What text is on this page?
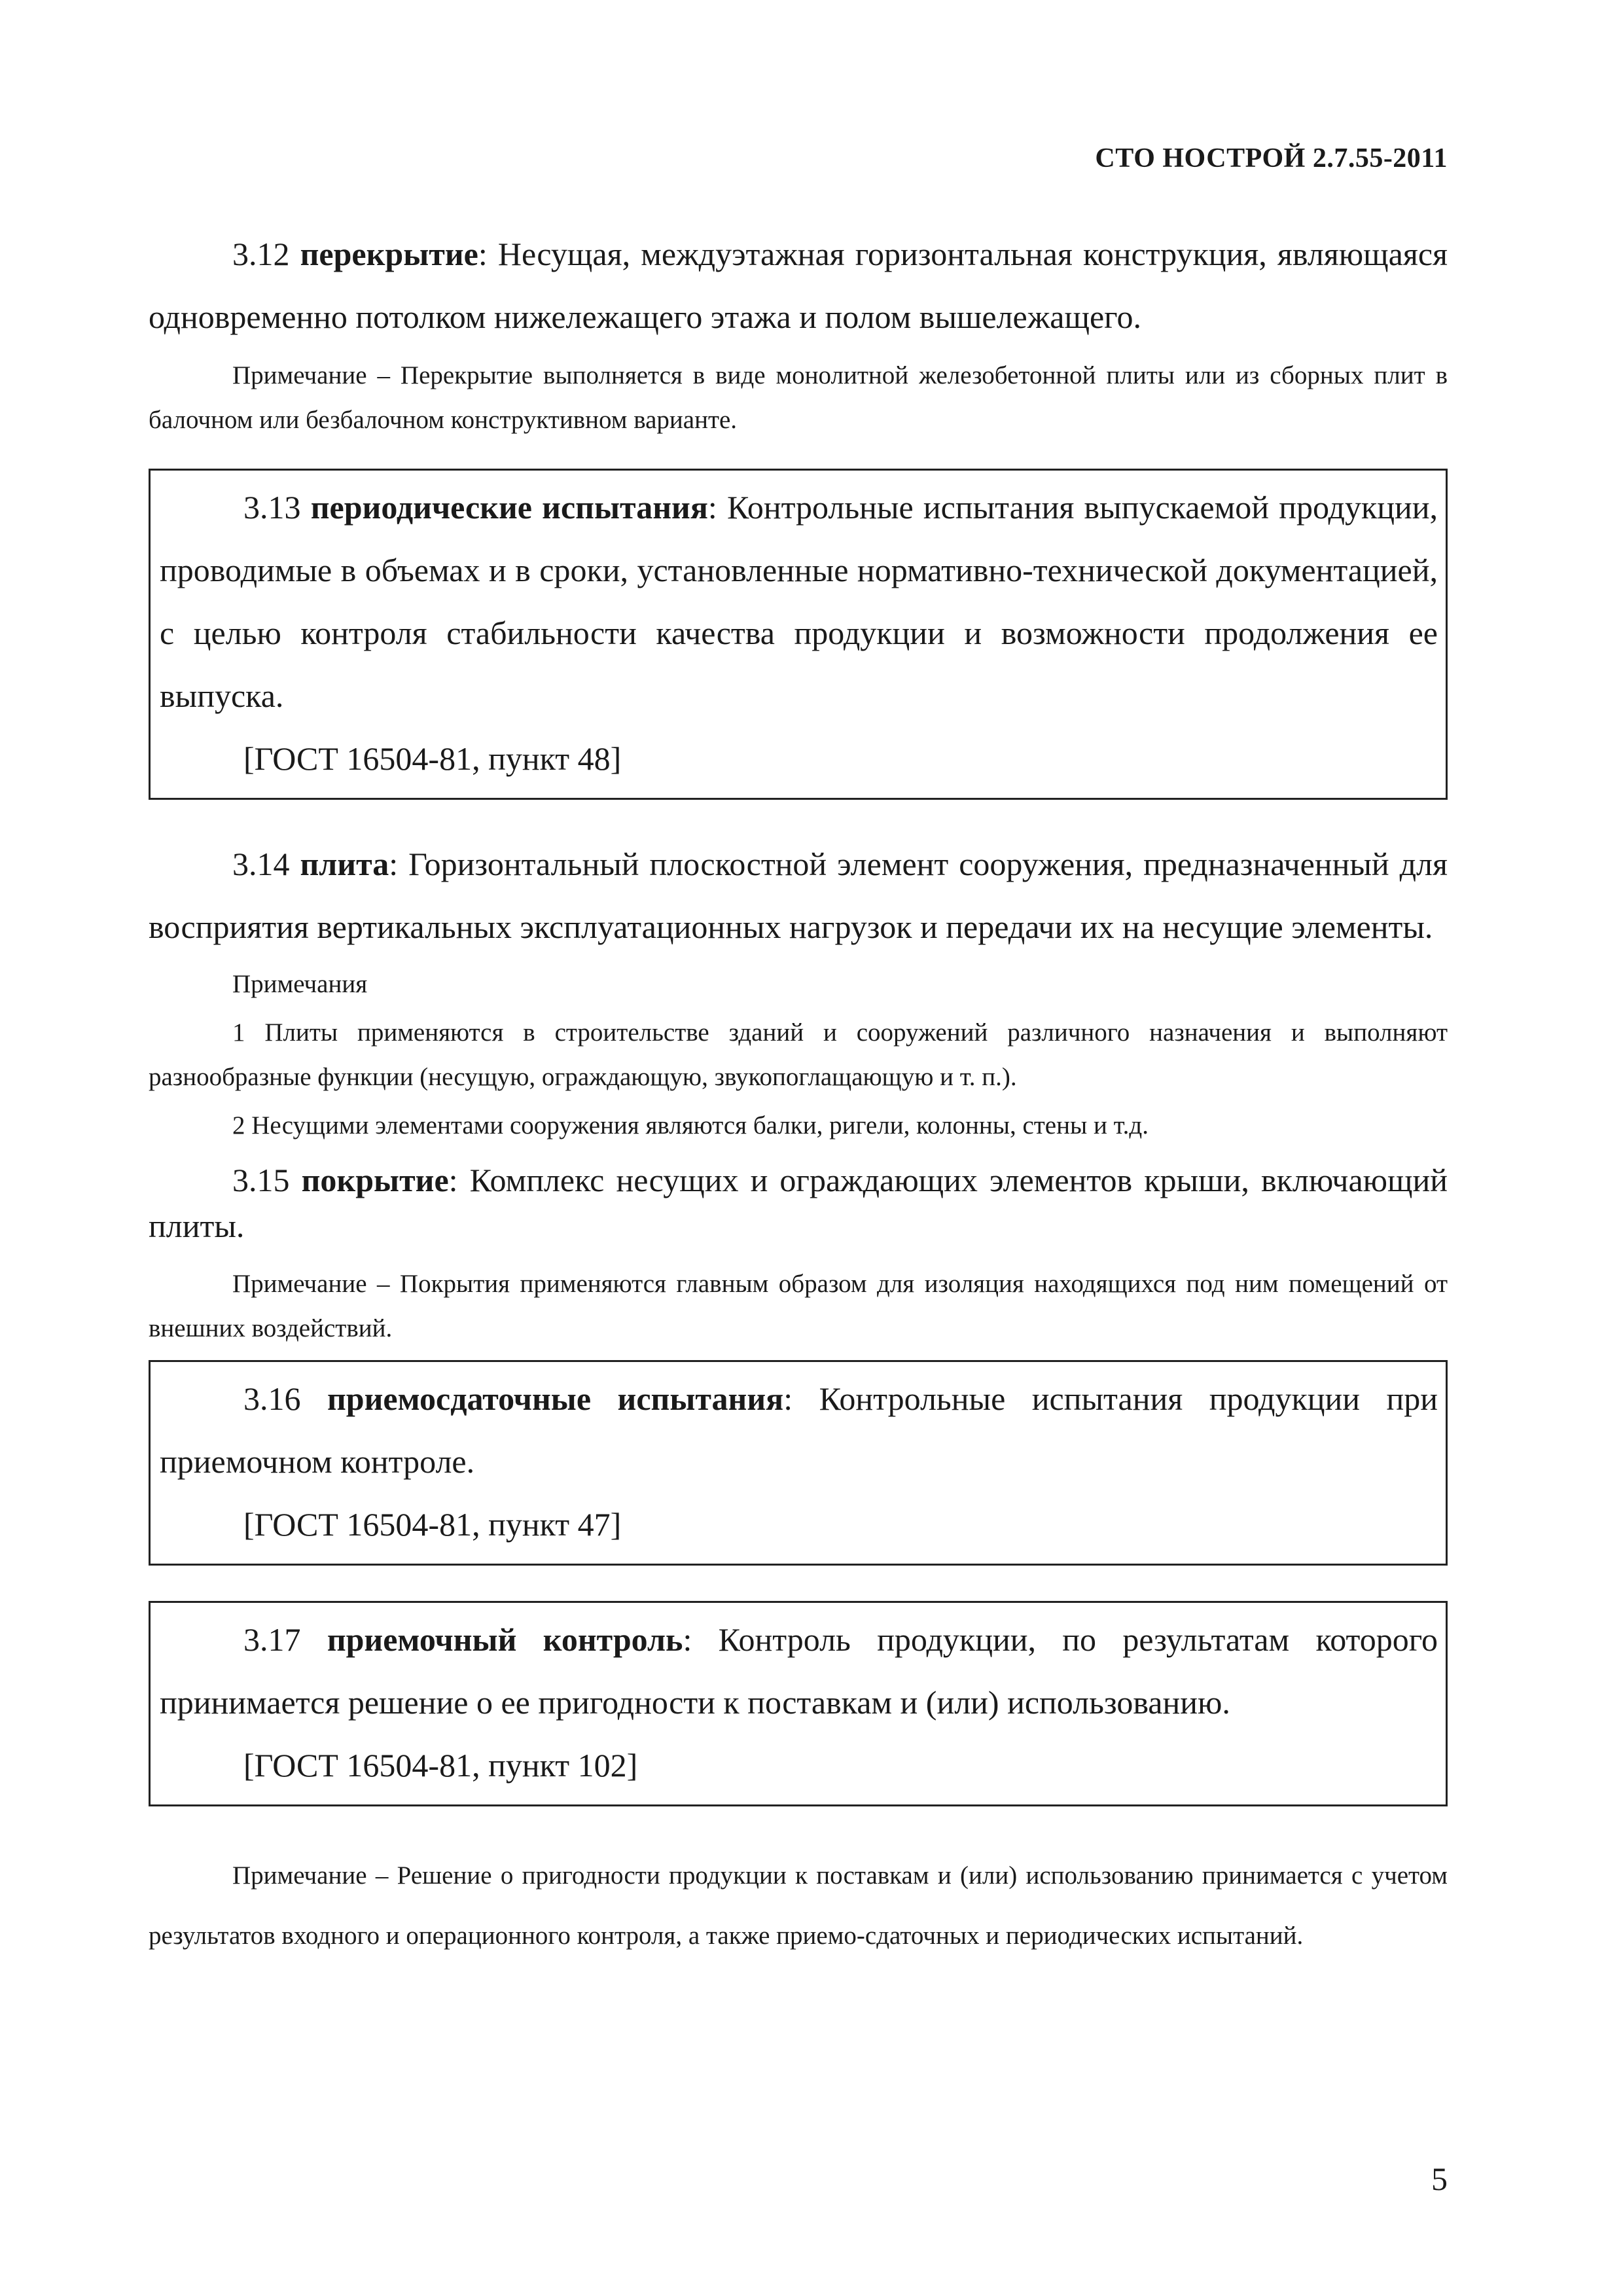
СТО НОСТРОЙ 2.7.55-2011

3.12 перекрытие: Несущая, междуэтажная горизонтальная конструкция, являющаяся одновременно потолком нижележащего этажа и полом вышележащего.

Примечание – Перекрытие выполняется в виде монолитной железобетонной плиты или из сборных плит в балочном или безбалочном конструктивном варианте.

3.13 периодические испытания: Контрольные испытания выпускаемой продукции, проводимые в объемах и в сроки, установленные нормативно-технической документацией, с целью контроля стабильности качества продукции и возможности продолжения ее выпуска.

[ГОСТ 16504-81, пункт 48]

3.14 плита: Горизонтальный плоскостной элемент сооружения, предназначенный для восприятия вертикальных эксплуатационных нагрузок и передачи их на несущие элементы.

Примечания

1 Плиты применяются в строительстве зданий и сооружений различного назначения и выполняют разнообразные функции (несущую, ограждающую, звукопоглащающую и т. п.).

2 Несущими элементами сооружения являются балки, ригели, колонны, стены и т.д.

3.15 покрытие: Комплекс несущих и ограждающих элементов крыши, включающий плиты.

Примечание – Покрытия применяются главным образом для изоляция находящихся под ним помещений от внешних воздействий.

3.16 приемосдаточные испытания: Контрольные испытания продукции при приемочном контроле.

[ГОСТ 16504-81, пункт 47]

3.17 приемочный контроль: Контроль продукции, по результатам которого принимается решение о ее пригодности к поставкам и (или) использованию.

[ГОСТ 16504-81, пункт 102]

Примечание – Решение о пригодности продукции к поставкам и (или) использованию принимается с учетом результатов входного и операционного контроля, а также приемо-сдаточных и периодических испытаний.

5
